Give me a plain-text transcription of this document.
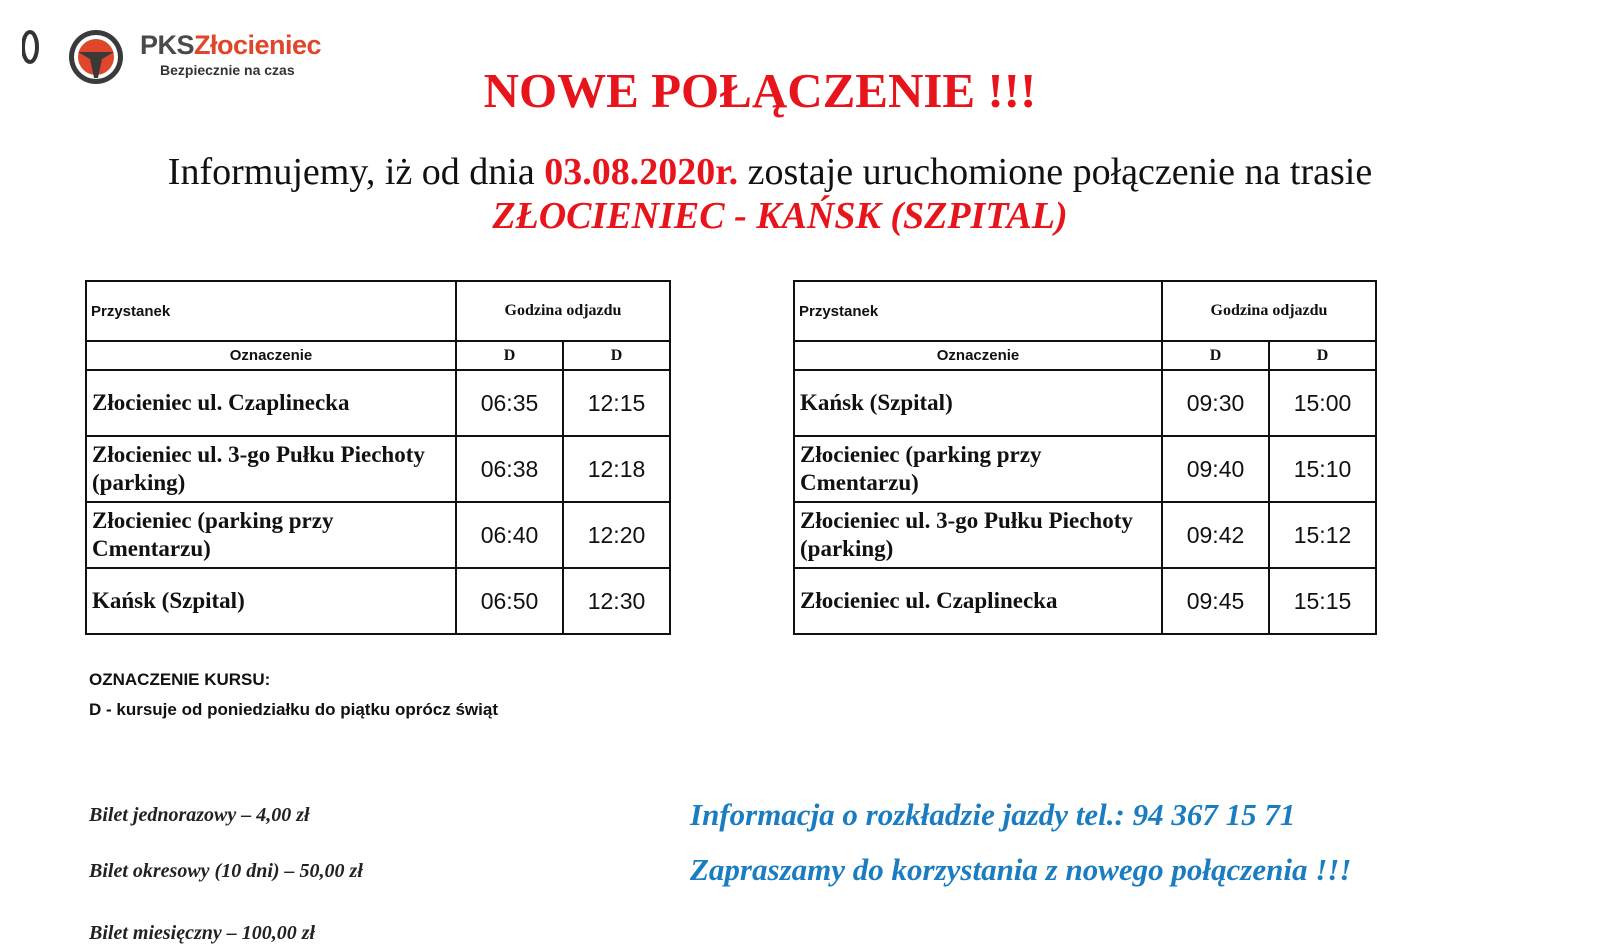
PKSZłocieniec
Bezpiecznie na czas	NOWE POŁĄCZENIE !!!
Informujemy, iż od dnia 03.08.2020r. zostaje uruchomione połączenie na trasie
ZŁOCIENIEC - KAŃSK (SZPITAL)
Przystanek	Godzina odjazdu	
Oznaczenie	D	D
Złocieniec ul. Czaplinecka	06:35	12:15
Złocieniec ul. 3-go Pułku Piechoty (parking)	06:38	12:18
Złocieniec (parking przy Cmentarzu)	06:40	12:20
Kańsk (Szpital)	06:50	12:30
Przystanek	Godzina odjazdu	
Oznaczenie	D	D
Kańsk (Szpital)	09:30	15:00
Złocieniec (parking przy Cmentarzu)	09:40	15:10
Złocieniec ul. 3-go Pułku Piechoty (parking)	09:42	15:12
Złocieniec ul. Czaplinecka	09:45	15:15
OZNACZENIE KURSU:
D - kursuje od poniedziałku do piątku oprócz świąt
Bilet jednorazowy – 4,00 zł
Bilet okresowy (10 dni) – 50,00 zł
Bilet miesięczny – 100,00 zł
Informacja o rozkładzie jazdy tel.: 94 367 15 71
Zapraszamy do korzystania z nowego połączenia !!!
